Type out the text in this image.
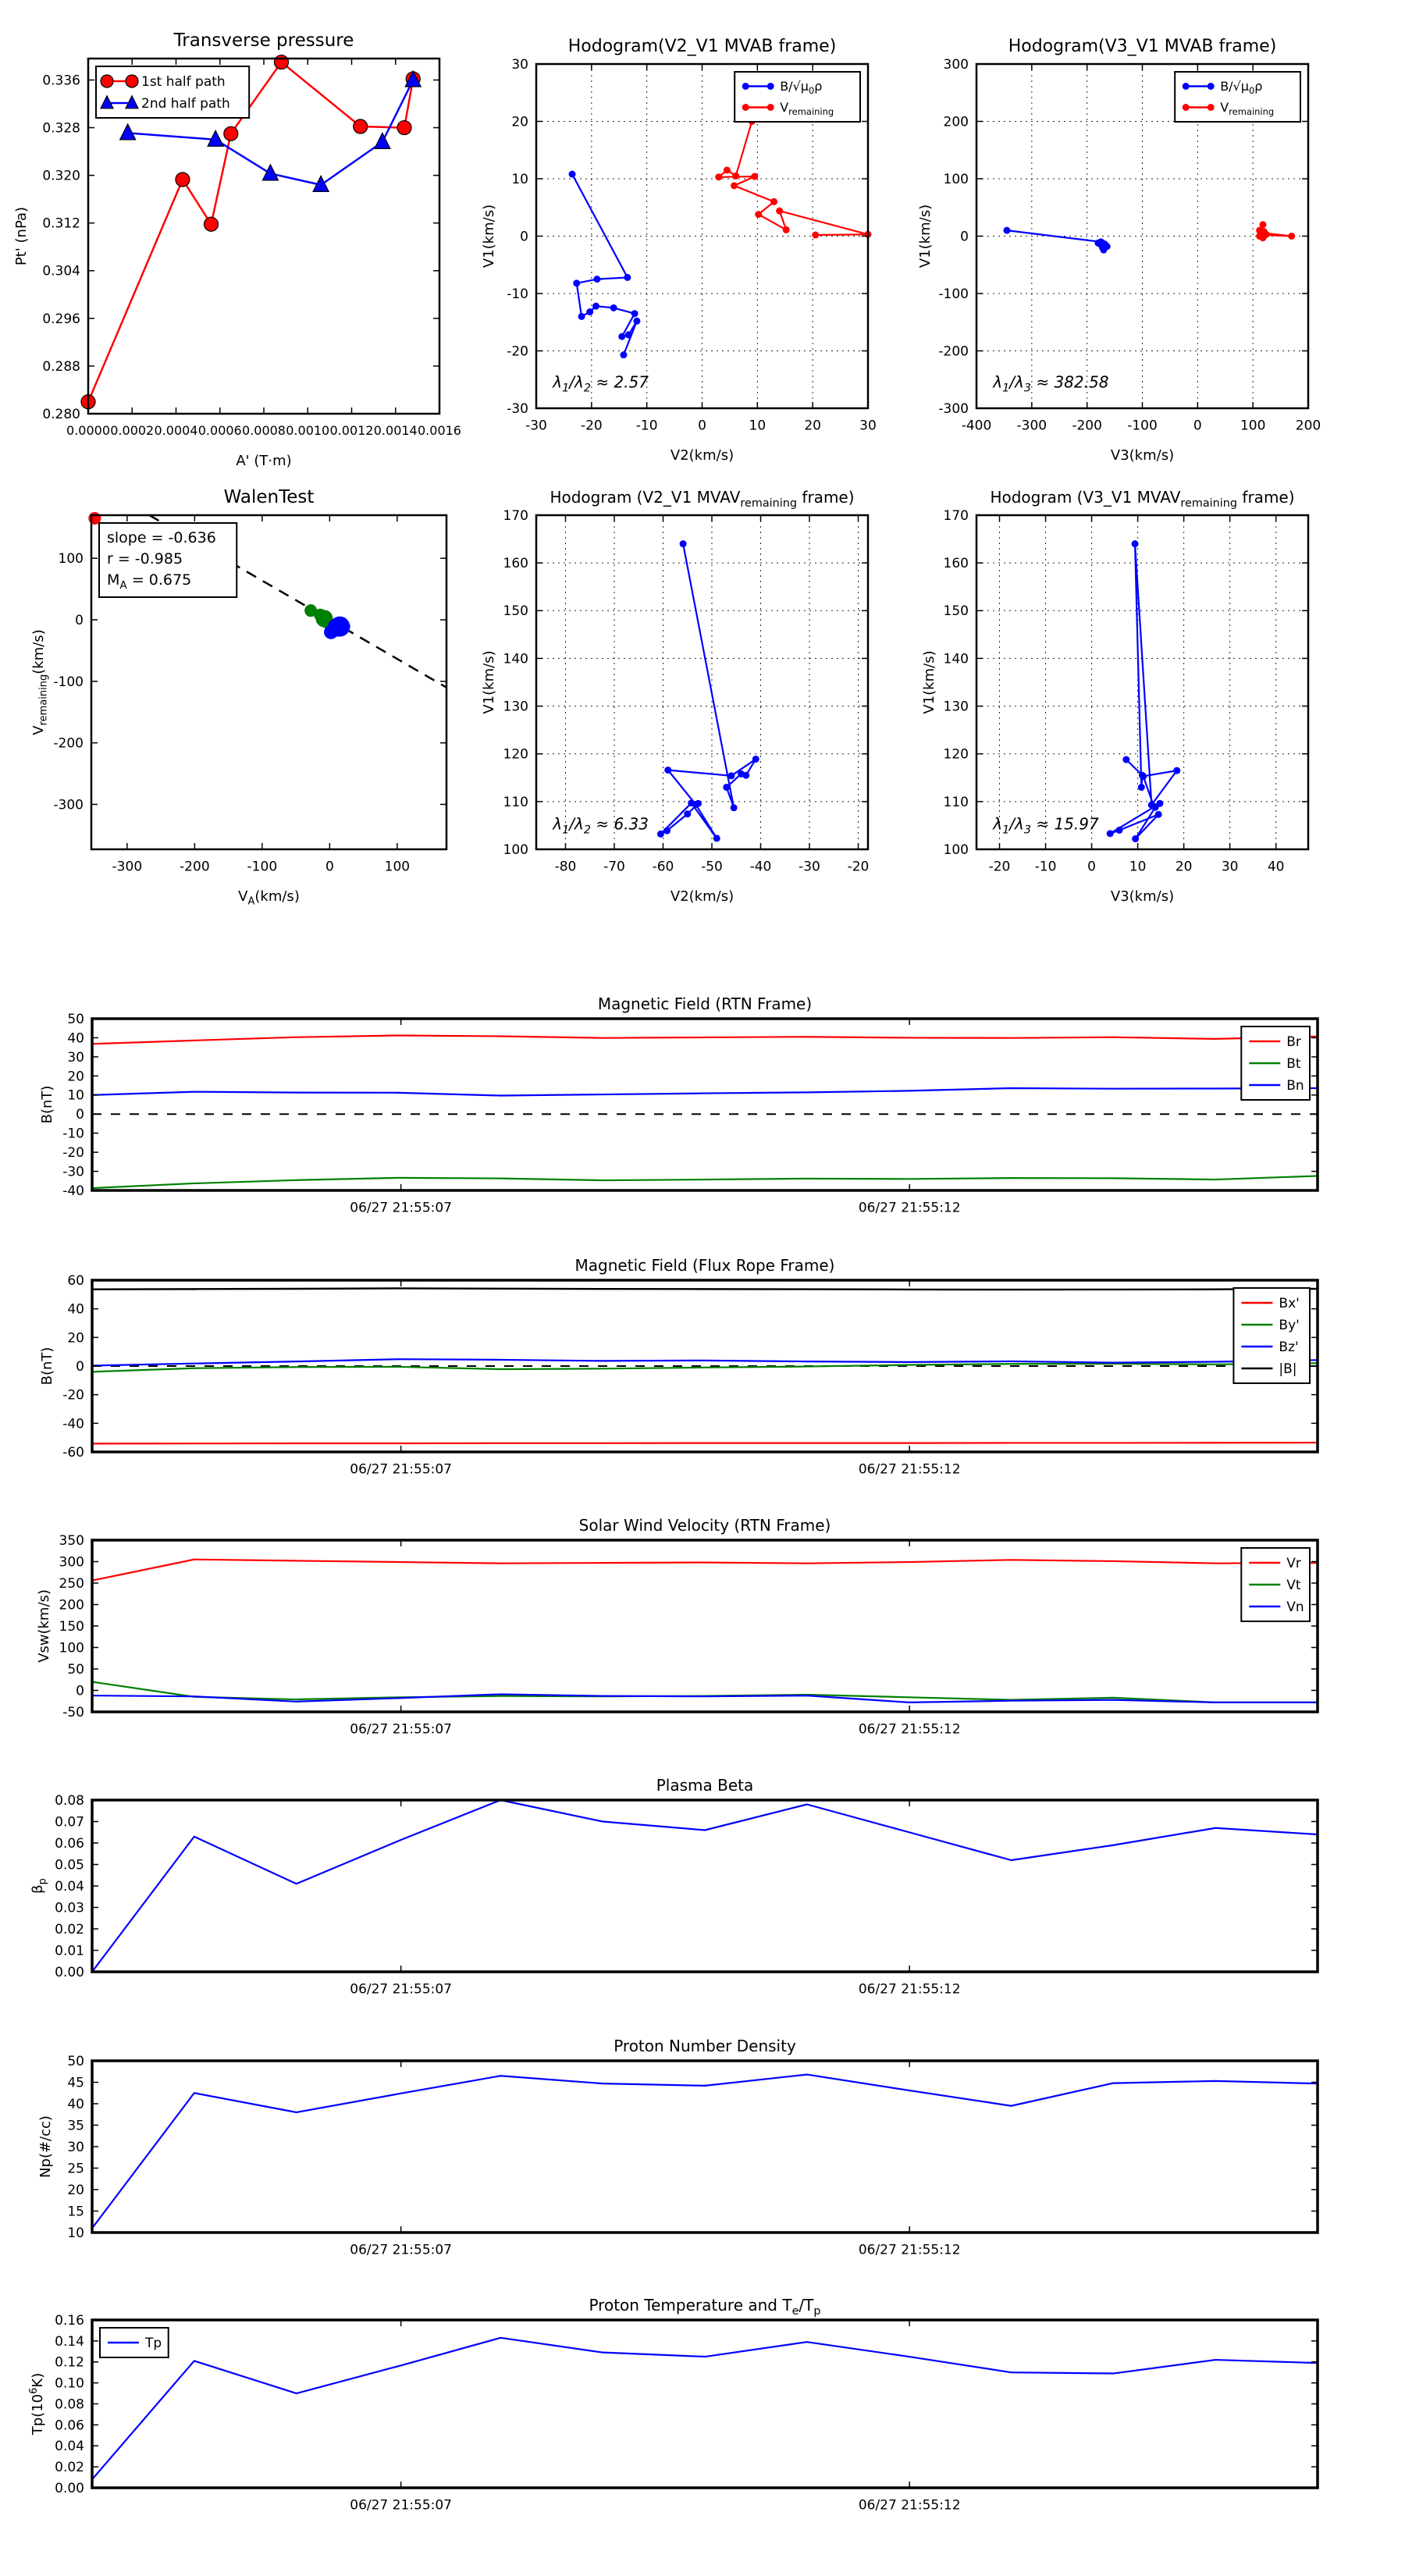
0.0000 0.0002 0.0004 0.0006 0.0008 0.0010 0.0012 0.0014 0.0016
0.280
0.288
0.296
0.304
0.312
0.320
0.328
0.336
Transverse pressure
A' (T·m)
Pt' (nPa)
1st half path
2nd half path
-30	-20	-10	0	10	20	30
-30
-20
-10
0
10
20
30
Hodogram(V2_V1 MVAB frame)
V2(km/s)
V1(km/s)
$B/√\mu_0\rho$
$V_{remaining}$
$\lambda_1/\lambda_2 \approx 2.57$
-400 -300 -200 -100	0	100 200
-300
-200
-100
0
100
200
300
Hodogram(V3_V1 MVAB frame)
V3(km/s)
V1(km/s)
$B/√\mu_0\rho$
$V_{remaining}$
$\lambda_1/\lambda_3 \approx 382.58$
-300	-200	-100	0	100
-300
-200
-100
0
100
WalenTest
$V_A(km/s)$
$V_{remaining}(km/s)$
slope = -0.636
r = -0.985
$M_A = 0.675$
-80 -70 -60 -50 -40 -30 -20
100
110
120
130
140
150
160
170
Hodogram (V2_V1 $MVAV_{remaining}$ frame)
V2(km/s)
V1(km/s)
$\lambda_1/\lambda_2 \approx 6.33$
-20 -10 0	10 20 30 40
100
110
120
130
140
150
160
170
Hodogram (V3_V1 $MVAV_{remaining}$ frame)
V3(km/s)
V1(km/s)
$\lambda_1/\lambda_3 \approx 15.97$
06/27 21:55:07	06/27 21:55:12
-40
-30
-20
-10
0
10
20
30
40
50
Magnetic Field (RTN Frame)
B(nT)
Br
Bt
Bn
06/27 21:55:07	06/27 21:55:12
-60
-40
-20
0
20
40
60
Magnetic Field (Flux Rope Frame)
B(nT)
Bx'
By'
Bz'
|B|
06/27 21:55:07	06/27 21:55:12
-50
0
50
100
150
200
250
300
350
Solar Wind Velocity (RTN Frame)
Vsw(km/s)
Vr
Vt
Vn
06/27 21:55:07	06/27 21:55:12
0.00
0.01
0.02
0.03
0.04
0.05
0.06
0.07
0.08
Plasma Beta
$\beta_p$
06/27 21:55:07	06/27 21:55:12
10
15
20
25
30
35
40
45
50
Proton Number Density
Np(#/cc)
06/27 21:55:07	06/27 21:55:12
0.00
0.02
0.04
0.06
0.08
0.10
0.12
0.14
0.16
Proton Temperature and $T_e/T_p$
$Tp(10^6K)$
Tp
